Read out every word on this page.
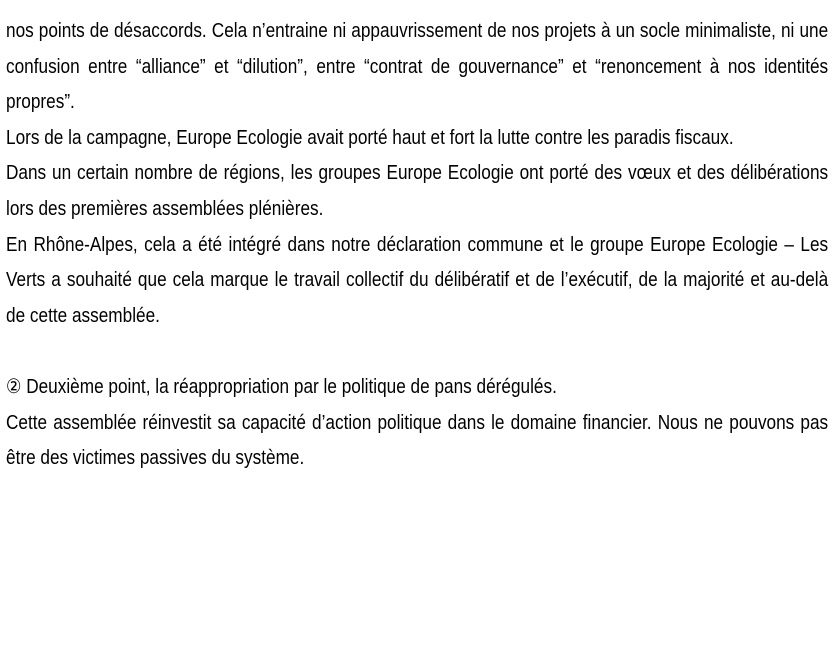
nos points de désaccords. Cela n’entraine ni appauvrissement de nos projets à un socle minimaliste, ni une confusion entre “alliance” et “dilution”, entre “contrat de gouvernance” et “renoncement à nos identités propres”.

Lors de la campagne, Europe Ecologie avait porté haut et fort la lutte contre les paradis fiscaux.

Dans un certain nombre de régions, les groupes Europe Ecologie ont porté des vœux et des délibérations lors des premières assemblées plénières.

En Rhône-Alpes, cela a été intégré dans notre déclaration commune et le groupe Europe Ecologie – Les Verts a souhaité que cela marque le travail collectif du délibératif et de l’exécutif, de la majorité et au-delà de cette assemblée.

② Deuxième point, la réappropriation par le politique de pans dérégulés.

Cette assemblée réinvestit sa capacité d’action politique dans le domaine financier. Nous ne pouvons pas être des victimes passives du système.
